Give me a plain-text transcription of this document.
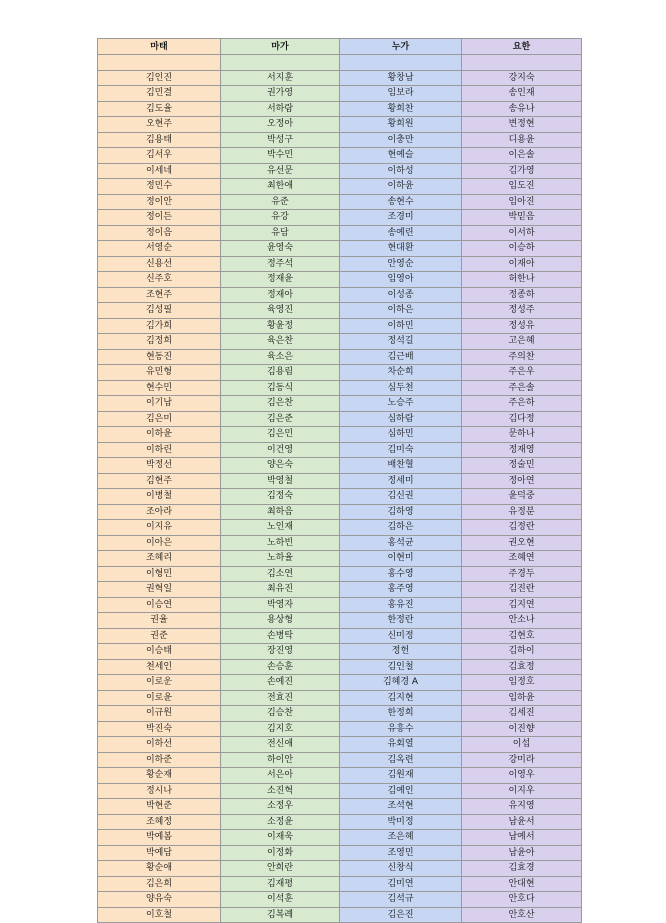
마태	마가	누가	요한

김인진	서지훈	황창남	강지숙
김민결	권가영	임보라	송인재
김도율	서하람	황희찬	송유나
오현주	오정아	황희원	변정현
김용태	박성구	이충만	디용윤
김서우	박수민	현예슬	이은솔
이세네	유선문	이하성	김가영
정민수	최한애	이하윤	임도진
정이안	유준	송현수	임아진
정이든	유강	조경미	박믿음
정이음	유담	송예린	이서하
서영순	윤영숙	현대환	이승하
신용선	정주석	안영순	이재아
신주호	정재윤	임영아	허한나
조현주	정재아	이성종	정종하
김성필	육영진	이하은	정성주
김가희	황윤정	이하민	정성유
김정희	육은찬	정석길	고은혜
현동진	육소은	김근배	주의찬
유민형	김용림	차순희	주은우
현수민	김동식	심두천	주은솔
이기남	김은찬	노승주	주은하
김은미	김은준	심하람	김다정
이하윤	김은민	심하민	문하나
이하린	이건영	김미숙	정재영
박정선	양은숙	배찬혈	정술민
김현주	박영철	정세미	정아연
이병철	김정숙	김신권	윤덕중
조아라	최하음	김하영	유정분
이지유	노인재	김하은	김정란
이아은	노하빈	홍석균	권오현
조혜리	노하율	이현미	조혜연
이형민	김소연	홍수영	주경두
권혁일	최유진	홍주영	김진란
이승연	박영자	홍유진	김지연
권율	용상형	한정란	안소나
권준	손병탁	신미정	김현호
이승태	장진영	정헌	김하이
천세인	손승훈	김인철	김효정
이로운	손예진	김혜경 A	임정호
이로윤	전효진	김지현	임하윤
이규원	김승찬	한정희	김세진
박진숙	김지호	유흥수	이진향
이하선	전신애	유회열	이섭
이하준	하이안	김옥련	강미라
황순재	서은아	김원재	이영우
정시나	소진혁	김예인	이지우
박현준	소정우	조석현	유지영
조혜정	소정윤	박미정	남윤서
박예봄	이재욱	조은혜	남예서
박예담	이정화	조영민	남윤아
황순애	안희란	신창식	김효경
김은희	김재평	김미연	안대현
양유숙	이석훈	김석규	안호다
이호철	김복례	김은진	안호산
